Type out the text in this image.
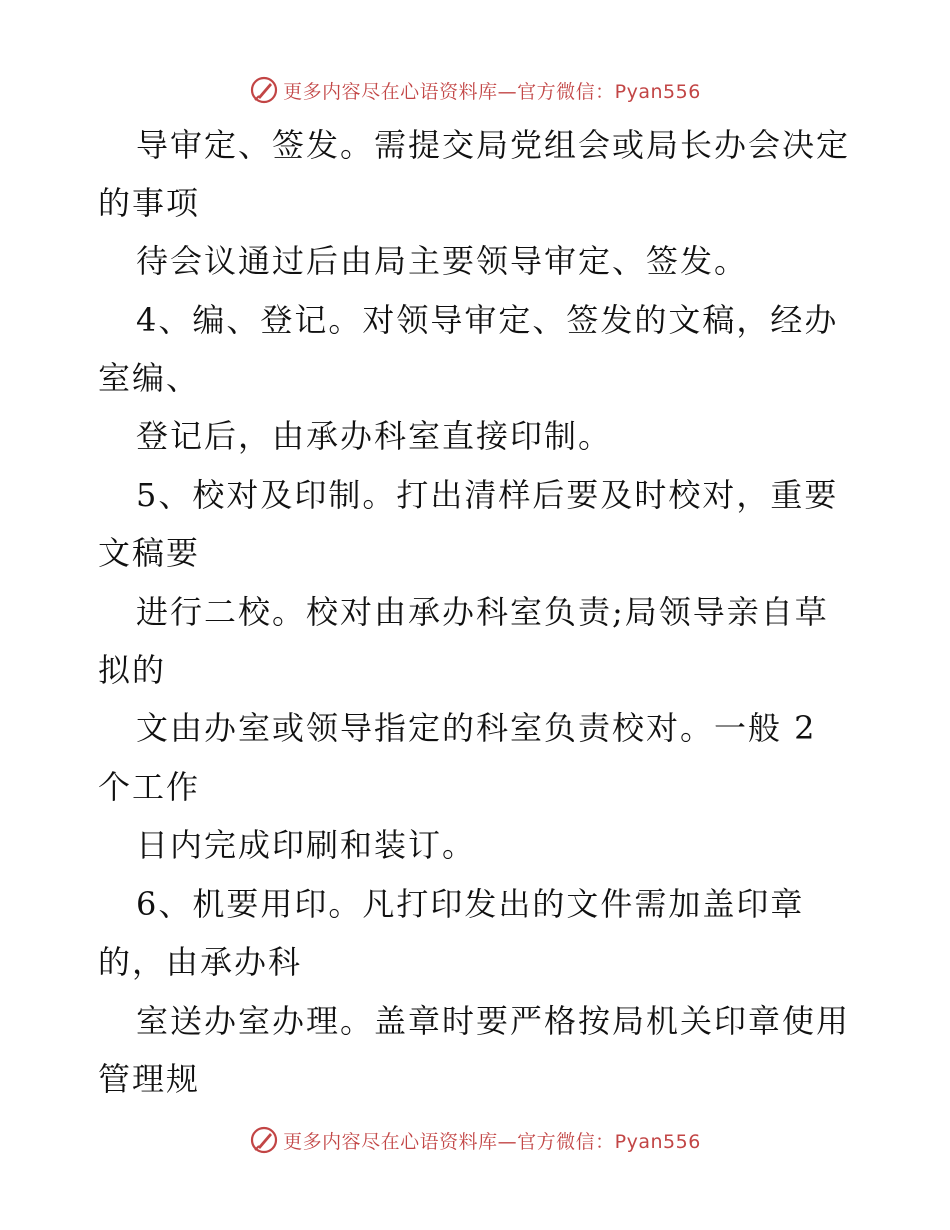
更多内容尽在心语资料库—官方微信：Pyan556
导审定、签发。需提交局党组会或局长办会决定
的事项
待会议通过后由局主要领导审定、签发。
4、编、登记。对领导审定、签发的文稿，经办
室编、
登记后，由承办科室直接印制。
5、校对及印制。打出清样后要及时校对，重要
文稿要
进行二校。校对由承办科室负责;局领导亲自草
拟的
文由办室或领导指定的科室负责校对。一般 2
个工作
日内完成印刷和装订。
6、机要用印。凡打印发出的文件需加盖印章
的，由承办科
室送办室办理。盖章时要严格按局机关印章使用
管理规
更多内容尽在心语资料库—官方微信：Pyan556
